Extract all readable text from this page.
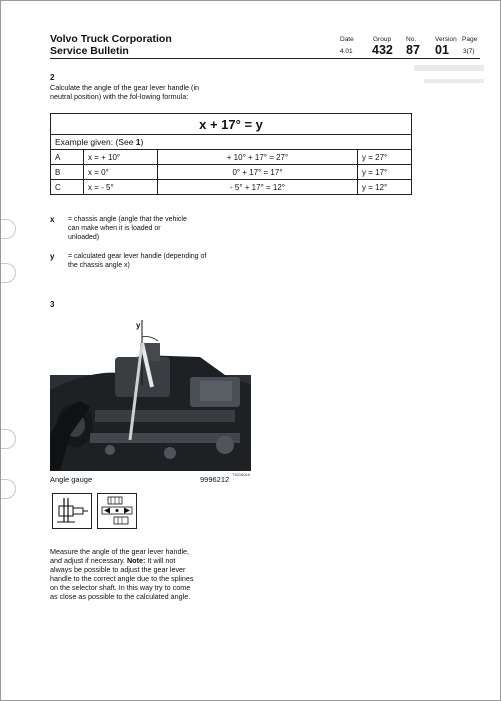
Volvo Truck Corporation
Service Bulletin
Date
4.01
Group
432
No.
87
Version
01
Page
3(7)
2
Calculate the angle of the gear lever handle (in neutral position) with the fol-lowing formula:
x + 17° = y			
Example given: (See 1)			
A	x = + 10°	+ 10° + 17° = 27°	y = 27°
B	x = 0°	0° + 17° = 17°	y = 17°
C	x = - 5°	- 5° + 17° = 12°	y = 12°
x = chassis angle (angle that the vehicle can make when it is loaded or unloaded)
y = calculated gear lever handle (depending of the chassis angle x)
3
y
T4016010
Angle gauge	9996212
Measure the angle of the gear lever handle, and adjust if necessary. Note: It will not always be possible to adjust the gear lever handle to the correct angle due to the splines on the selector shaft. In this way try to come as close as possible to the calculated angle.
